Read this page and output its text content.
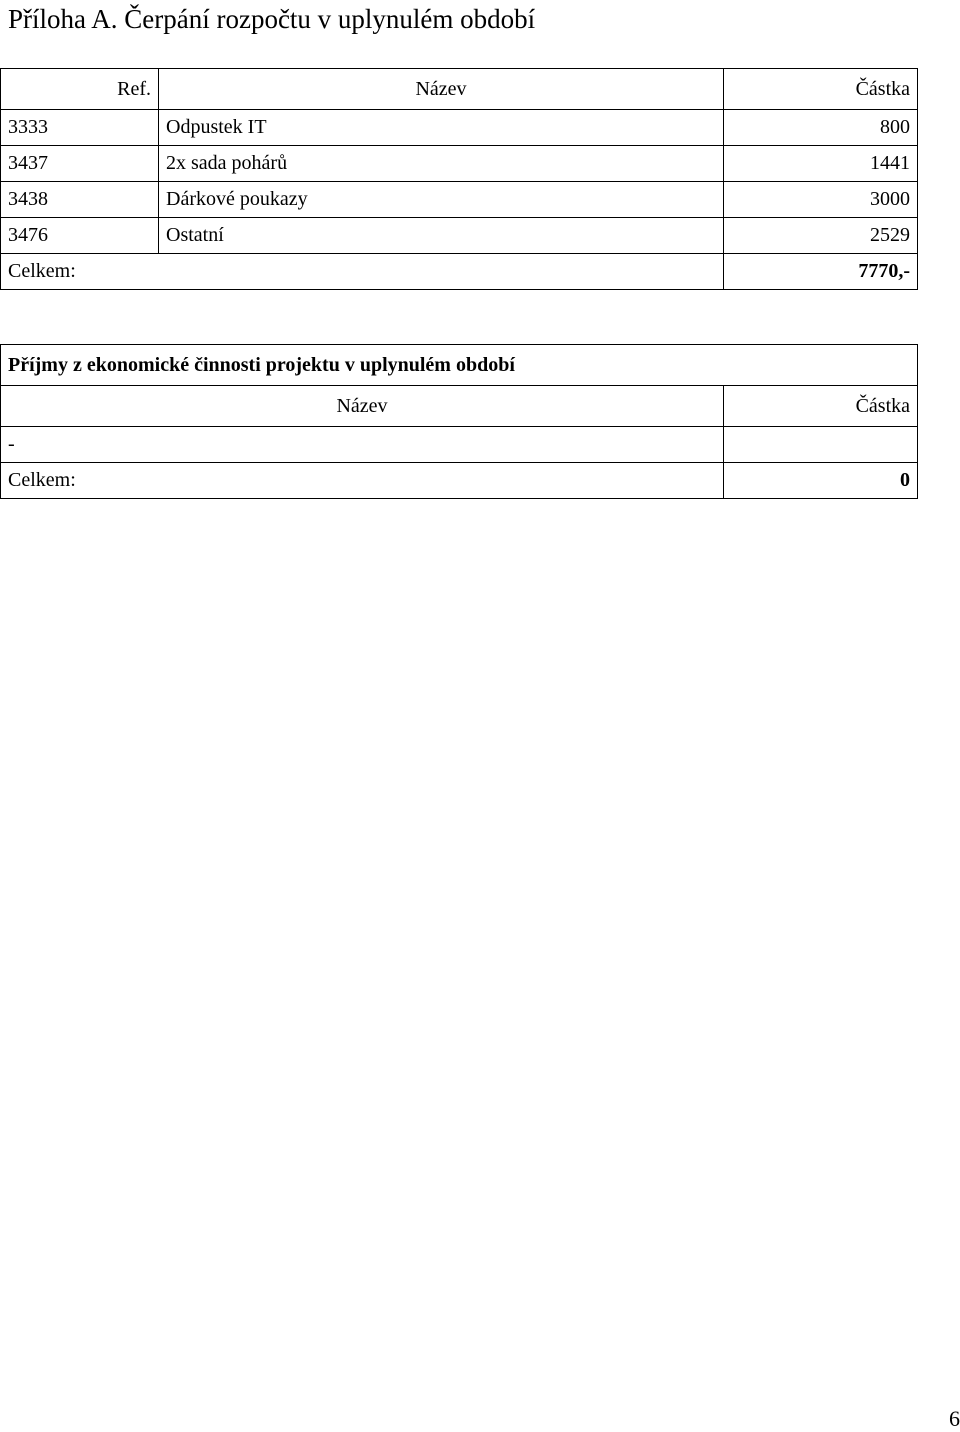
Příloha A. Čerpání rozpočtu v uplynulém období
Ref.	Název	Částka
3333	Odpustek IT	800
3437	2x sada pohárů	1441
3438	Dárkové poukazy	3000
3476	Ostatní	2529
Celkem:		7770,-
Příjmy z ekonomické činnosti projektu v uplynulém období	
Název	Částka
-	
Celkem:	0
6
